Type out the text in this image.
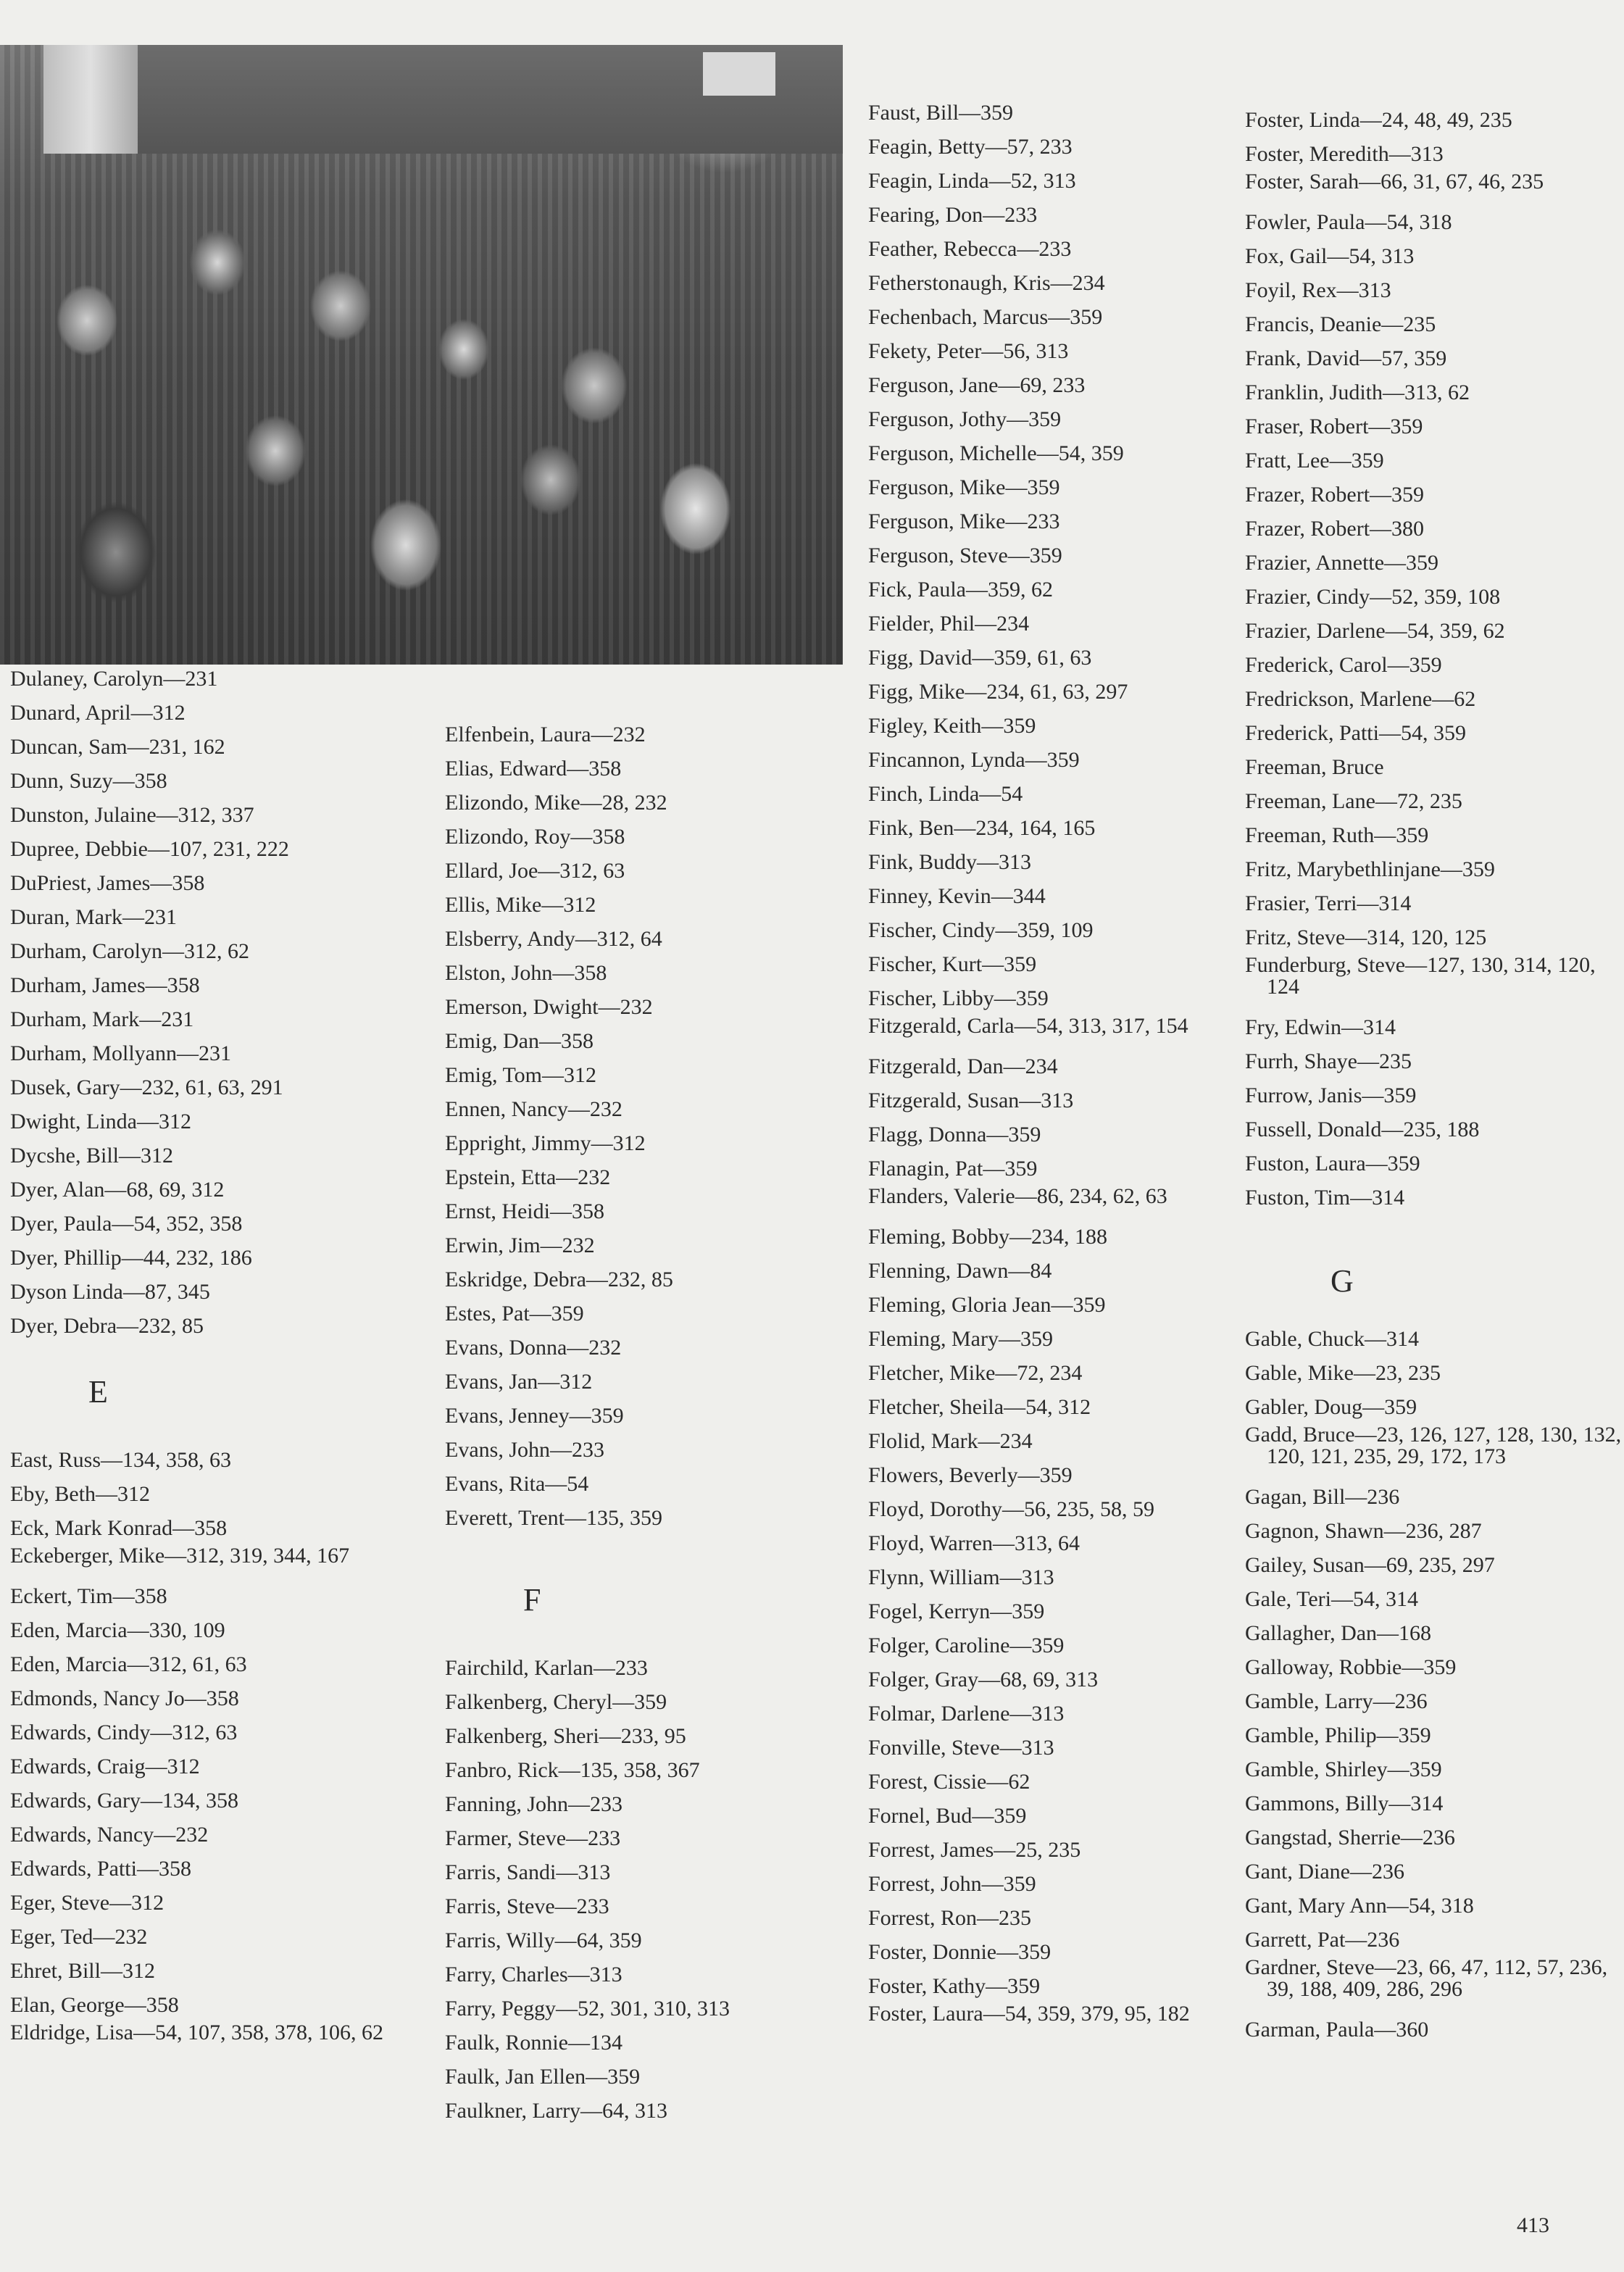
Dulaney, Carolyn—231
Dunard, April—312
Duncan, Sam—231, 162
Dunn, Suzy—358
Dunston, Julaine—312, 337
Dupree, Debbie—107, 231, 222
DuPriest, James—358
Duran, Mark—231
Durham, Carolyn—312, 62
Durham, James—358
Durham, Mark—231
Durham, Mollyann—231
Dusek, Gary—232, 61, 63, 291
Dwight, Linda—312
Dycshe, Bill—312
Dyer, Alan—68, 69, 312
Dyer, Paula—54, 352, 358
Dyer, Phillip—44, 232, 186
Dyson Linda—87, 345
Dyer, Debra—232, 85
E
East, Russ—134, 358, 63
Eby, Beth—312
Eck, Mark Konrad—358
Eckeberger, Mike—312, 319, 344, 167
Eckert, Tim—358
Eden, Marcia—330, 109
Eden, Marcia—312, 61, 63
Edmonds, Nancy Jo—358
Edwards, Cindy—312, 63
Edwards, Craig—312
Edwards, Gary—134, 358
Edwards, Nancy—232
Edwards, Patti—358
Eger, Steve—312
Eger, Ted—232
Ehret, Bill—312
Elan, George—358
Eldridge, Lisa—54, 107, 358, 378, 106, 62
Elfenbein, Laura—232
Elias, Edward—358
Elizondo, Mike—28, 232
Elizondo, Roy—358
Ellard, Joe—312, 63
Ellis, Mike—312
Elsberry, Andy—312, 64
Elston, John—358
Emerson, Dwight—232
Emig, Dan—358
Emig, Tom—312
Ennen, Nancy—232
Eppright, Jimmy—312
Epstein, Etta—232
Ernst, Heidi—358
Erwin, Jim—232
Eskridge, Debra—232, 85
Estes, Pat—359
Evans, Donna—232
Evans, Jan—312
Evans, Jenney—359
Evans, John—233
Evans, Rita—54
Everett, Trent—135, 359
F
Fairchild, Karlan—233
Falkenberg, Cheryl—359
Falkenberg, Sheri—233, 95
Fanbro, Rick—135, 358, 367
Fanning, John—233
Farmer, Steve—233
Farris, Sandi—313
Farris, Steve—233
Farris, Willy—64, 359
Farry, Charles—313
Farry, Peggy—52, 301, 310, 313
Faulk, Ronnie—134
Faulk, Jan Ellen—359
Faulkner, Larry—64, 313
Faust, Bill—359
Feagin, Betty—57, 233
Feagin, Linda—52, 313
Fearing, Don—233
Feather, Rebecca—233
Fetherstonaugh, Kris—234
Fechenbach, Marcus—359
Fekety, Peter—56, 313
Ferguson, Jane—69, 233
Ferguson, Jothy—359
Ferguson, Michelle—54, 359
Ferguson, Mike—359
Ferguson, Mike—233
Ferguson, Steve—359
Fick, Paula—359, 62
Fielder, Phil—234
Figg, David—359, 61, 63
Figg, Mike—234, 61, 63, 297
Figley, Keith—359
Fincannon, Lynda—359
Finch, Linda—54
Fink, Ben—234, 164, 165
Fink, Buddy—313
Finney, Kevin—344
Fischer, Cindy—359, 109
Fischer, Kurt—359
Fischer, Libby—359
Fitzgerald, Carla—54, 313, 317, 154
Fitzgerald, Dan—234
Fitzgerald, Susan—313
Flagg, Donna—359
Flanagin, Pat—359
Flanders, Valerie—86, 234, 62, 63
Fleming, Bobby—234, 188
Flenning, Dawn—84
Fleming, Gloria Jean—359
Fleming, Mary—359
Fletcher, Mike—72, 234
Fletcher, Sheila—54, 312
Flolid, Mark—234
Flowers, Beverly—359
Floyd, Dorothy—56, 235, 58, 59
Floyd, Warren—313, 64
Flynn, William—313
Fogel, Kerryn—359
Folger, Caroline—359
Folger, Gray—68, 69, 313
Folmar, Darlene—313
Fonville, Steve—313
Forest, Cissie—62
Fornel, Bud—359
Forrest, James—25, 235
Forrest, John—359
Forrest, Ron—235
Foster, Donnie—359
Foster, Kathy—359
Foster, Laura—54, 359, 379, 95, 182
Foster, Linda—24, 48, 49, 235
Foster, Meredith—313
Foster, Sarah—66, 31, 67, 46, 235
Fowler, Paula—54, 318
Fox, Gail—54, 313
Foyil, Rex—313
Francis, Deanie—235
Frank, David—57, 359
Franklin, Judith—313, 62
Fraser, Robert—359
Fratt, Lee—359
Frazer, Robert—359
Frazer, Robert—380
Frazier, Annette—359
Frazier, Cindy—52, 359, 108
Frazier, Darlene—54, 359, 62
Frederick, Carol—359
Fredrickson, Marlene—62
Frederick, Patti—54, 359
Freeman, Bruce
Freeman, Lane—72, 235
Freeman, Ruth—359
Fritz, Marybethlinjane—359
Frasier, Terri—314
Fritz, Steve—314, 120, 125
Funderburg, Steve—127, 130, 314, 120, 124
Fry, Edwin—314
Furrh, Shaye—235
Furrow, Janis—359
Fussell, Donald—235, 188
Fuston, Laura—359
Fuston, Tim—314
G
Gable, Chuck—314
Gable, Mike—23, 235
Gabler, Doug—359
Gadd, Bruce—23, 126, 127, 128, 130, 132, 120, 121, 235, 29, 172, 173
Gagan, Bill—236
Gagnon, Shawn—236, 287
Gailey, Susan—69, 235, 297
Gale, Teri—54, 314
Gallagher, Dan—168
Galloway, Robbie—359
Gamble, Larry—236
Gamble, Philip—359
Gamble, Shirley—359
Gammons, Billy—314
Gangstad, Sherrie—236
Gant, Diane—236
Gant, Mary Ann—54, 318
Garrett, Pat—236
Gardner, Steve—23, 66, 47, 112, 57, 236, 39, 188, 409, 286, 296
Garman, Paula—360
413
